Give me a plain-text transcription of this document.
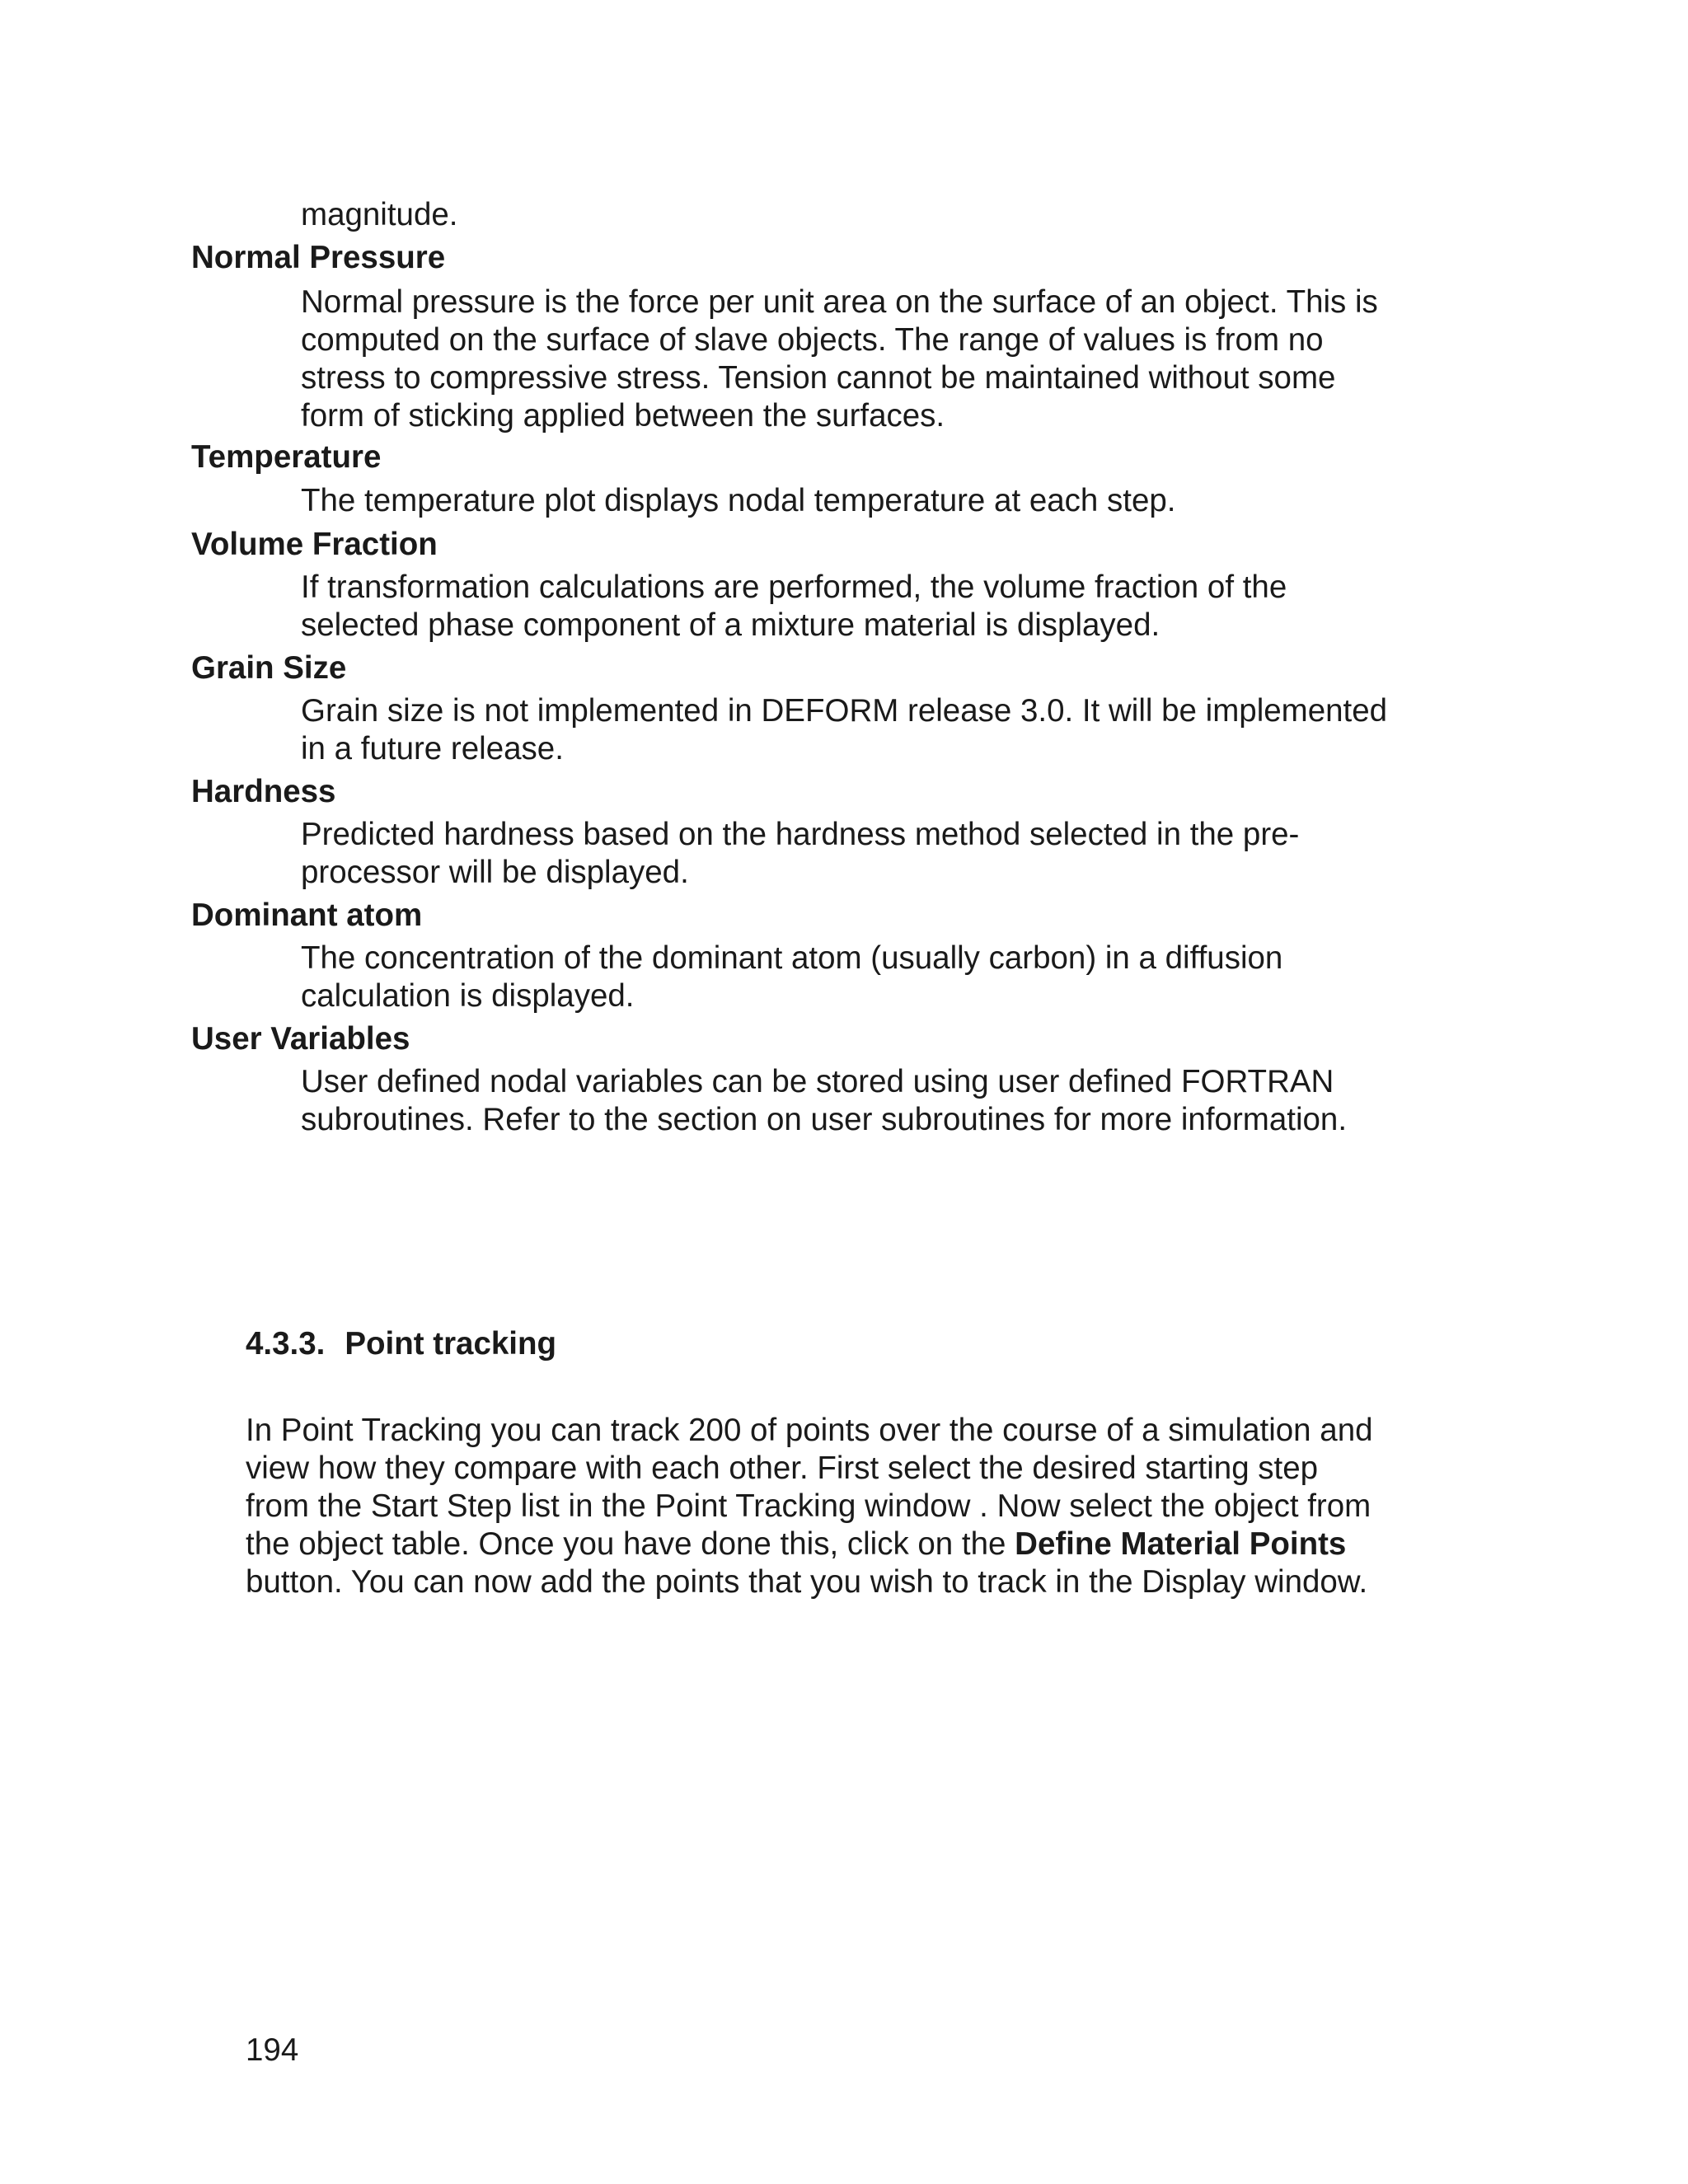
magnitude.
Normal Pressure
Normal pressure is the force per unit area on the surface of an object. This is
computed on the surface of slave objects. The range of values is from no
stress to compressive stress. Tension cannot be maintained without some
form of sticking applied between the surfaces.
Temperature
The temperature plot displays nodal temperature at each step.
Volume Fraction
If transformation calculations are performed, the volume fraction of the
selected phase component of a mixture material is displayed.
Grain Size
Grain size is not implemented in DEFORM release 3.0. It will be implemented
in a future release.
Hardness
Predicted hardness based on the hardness method selected in the pre-
processor will be displayed.
Dominant atom
The concentration of the dominant atom (usually carbon) in a diffusion
calculation is displayed.
User Variables
User defined nodal variables can be stored using user defined FORTRAN
subroutines. Refer to the section on user subroutines for more information.
4.3.3. Point tracking
In Point Tracking you can track 200 of points over the course of a simulation and
view how they compare with each other. First select the desired starting step
from the Start Step list in the Point Tracking window . Now select the object from
the object table. Once you have done this, click on the Define Material Points
button. You can now add the points that you wish to track in the Display window.
194
